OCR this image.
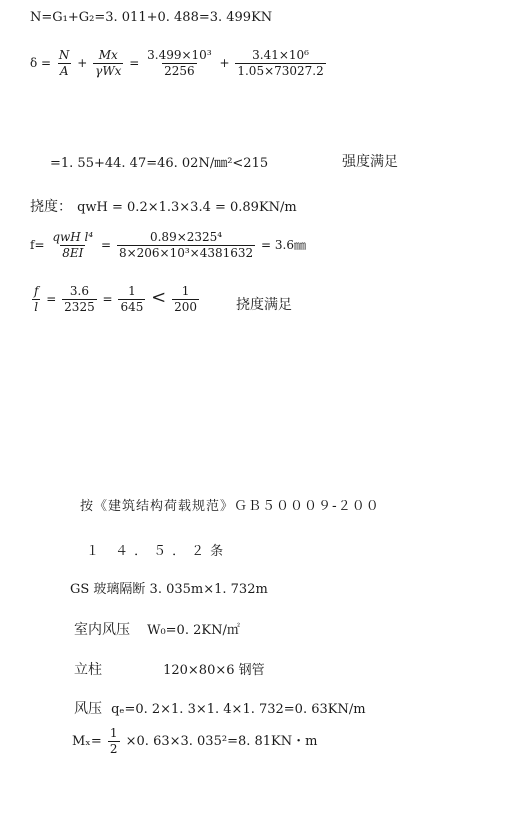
N=G₁+G₂=3. 011+0. 488=3. 499KN
$\delta = \frac{N}{A} + \frac{Mx}{\text{γWx}} = \frac{\text{3.499×10³}}{2256} + \frac{\text{3.41×10⁶}}{1.05\times 73027.2}$
=1. 55+44. 47=46. 02N/㎜²<215	强度满足
挠度： qwH = 0.2×1.3×3.4 = 0.89KN/m
$f= \frac{\text{qwH l⁴}}{8EI} = \frac{\text{0.89×2325⁴}}{\text{8×206×10³×4381632}}$ = 3.6㎜
$\frac{f}{l} = \frac{3.6}{2325} = \frac{1}{645} < \frac{1}{200}$	挠度满足
按《建筑结构荷载规范》ＧＢ５０００９-２００
１ ４．５．２条
GS 玻璃隔断 3. 035m×1. 732m
室内风压 W₀=0. 2KN/㎡
立柱	120×80×6 钢管
风压 qₑ=0. 2×1. 3×1. 4×1. 732=0. 63KN/m
$M_x= \frac{1}{2} \times 0$. 63×3. 035²=8. 81KN・m
